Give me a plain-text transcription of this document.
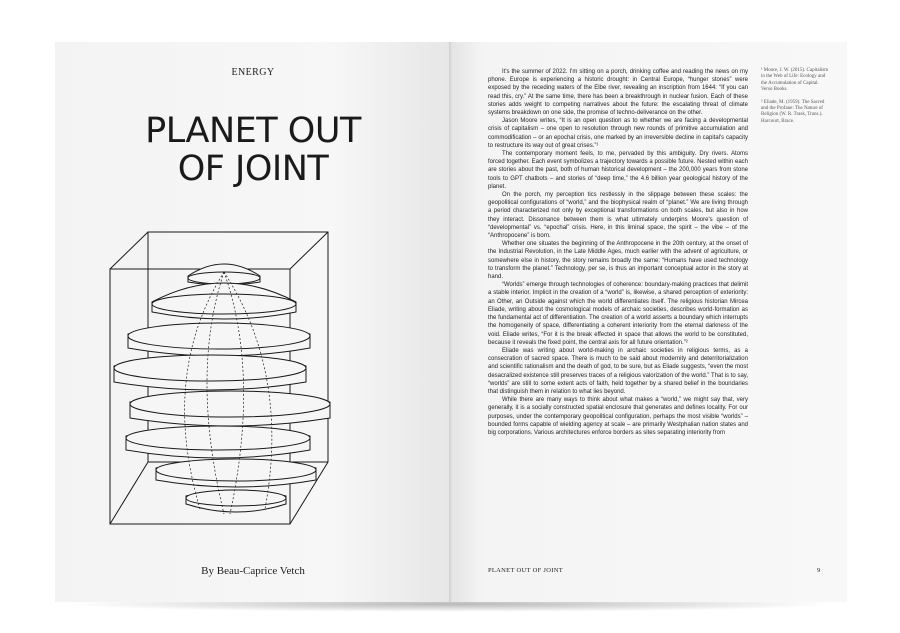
ENERGY
PLANET OUT
OF JOINT
By Beau-Caprice Vetch

It's the summer of 2022. I'm sitting on a porch, drinking coffee and reading the news on my phone. Europe is experiencing a historic drought: in Central Europe, “hunger stones” were exposed by the receding waters of the Elbe river, revealing an inscription from 1644: “If you can read this, cry.” At the same time, there has been a breakthrough in nuclear fusion. Each of these stories adds weight to competing narratives about the future: the escalating threat of climate systems breakdown on one side, the promise of techno-deliverance on the other.

Jason Moore writes, “It is an open question as to whether we are facing a developmental crisis of capitalism – one open to resolution through new rounds of primitive accumulation and commodification – or an epochal crisis, one marked by an irreversible decline in capital's capacity to restructure its way out of great crises.”¹

The contemporary moment feels, to me, pervaded by this ambiguity. Dry rivers. Atoms forced together. Each event symbolizes a trajectory towards a possible future. Nested within each are stories about the past, both of human historical development – the 200,000 years from stone tools to GPT chatbots – and stories of “deep time,” the 4.6 billion year geological history of the planet.

On the porch, my perception tics restlessly in the slippage between these scales: the geopolitical configurations of “world,” and the biophysical realm of “planet.” We are living through a period characterized not only by exceptional transformations on both scales, but also in how they interact. Dissonance between them is what ultimately underpins Moore's question of “developmental” vs. “epochal” crisis. Here, in this liminal space, the spirit – the vibe – of the “Anthropocene” is born.

Whether one situates the beginning of the Anthropocene in the 20th century, at the onset of the Industrial Revolution, in the Late Middle Ages, much earlier with the advent of agriculture, or somewhere else in history, the story remains broadly the same: “Humans have used technology to transform the planet.” Technology, per se, is thus an important conceptual actor in the story at hand.

“Worlds” emerge through technologies of coherence: boundary-making practices that delimit a stable interior. Implicit in the creation of a “world” is, likewise, a shared perception of exteriority: an Other, an Outside against which the world differentiates itself. The religious historian Mircea Eliade, writing about the cosmological models of archaic societies, describes world-formation as the fundamental act of differentiation. The creation of a world asserts a boundary which interrupts the homogeneity of space, differentiating a coherent interiority from the eternal darkness of the void. Eliade writes, “For it is the break effected in space that allows the world to be constituted, because it reveals the fixed point, the central axis for all future orientation.”²

Eliade was writing about world-making in archaic societies in religious terms, as a consecration of sacred space. There is much to be said about modernity and deterritorialization and scientific rationalism and the death of god, to be sure, but as Eliade suggests, “even the most desacralized existence still preserves traces of a religious valorization of the world.” That is to say, “worlds” are still to some extent acts of faith, held together by a shared belief in the boundaries that distinguish them in relation to what lies beyond.

While there are many ways to think about what makes a “world,” we might say that, very generally, it is a socially constructed spatial enclosure that generates and defines locality. For our purposes, under the contemporary geopolitical configuration, perhaps the most visible “worlds” – bounded forms capable of wielding agency at scale – are primarily Westphalian nation states and big corporations. Various architectures enforce borders as sites separating interiority from

¹ Moore, J. W. (2015). Capitalism in the Web of Life: Ecology and the Accumulation of Capital. Verso Books.

² Eliade, M. (1959). The Sacred and the Profane: The Nature of Religion (W. R. Trask, Trans.). Harcourt, Brace.

PLANET OUT OF JOINT	9
